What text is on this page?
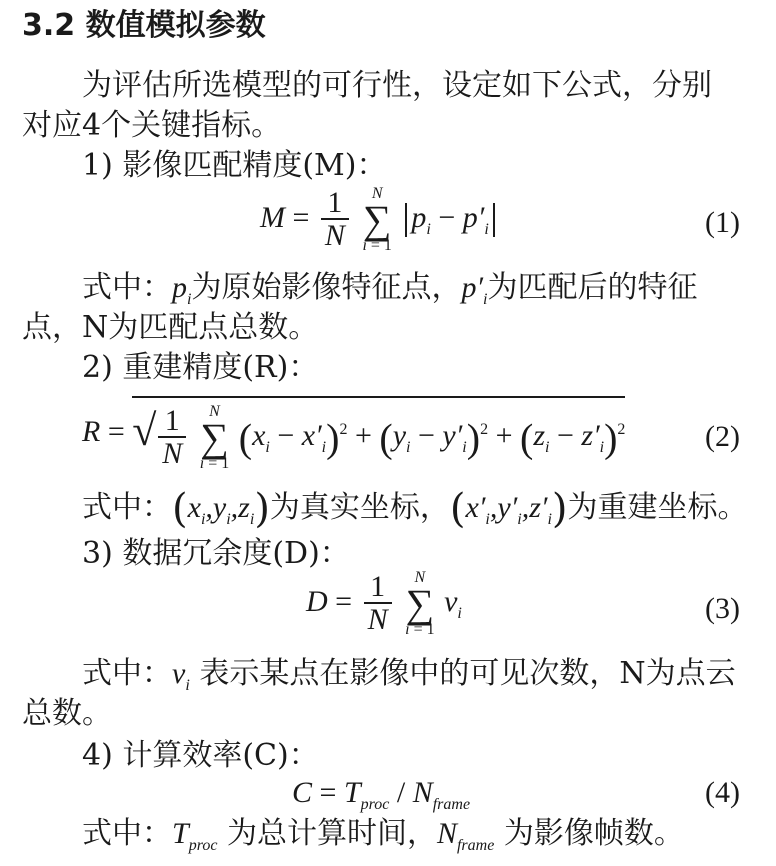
3.2 数值模拟参数
为评估所选模型的可行性，设定如下公式，分别
对应4个关键指标。
1) 影像匹配精度(M)：
$M = \frac{1}{N}$
	N
∑
i = 1
$p_i - p'_i$	(1)
式中：$p_i$为原始影像特征点，$p'_i$为匹配后的特征
点，N为匹配点总数。
2) 重建精度(R)：
R = √ $\frac{1}{N}$
	N
∑
i = 1
$(x_i - x'_i)^2 + (y_i - y'_i)^2 + (z_i - z'_i)^2$	(2)
式中：$(x_i,y_i,z_i)$为真实坐标，$(x'_i,y'_i,z'_i)$为重建坐标。
3) 数据冗余度(D)：
$D = \frac{1}{N}$
	N
∑
i = 1
$v_i$	(3)
式中：$v_i$ 表示某点在影像中的可见次数，N为点云
总数。
4) 计算效率(C)：
$C = T_{proc} / N_{frame}$	(4)
式中：$T_{proc}$ 为总计算时间，$N_{frame}$ 为影像帧数。
